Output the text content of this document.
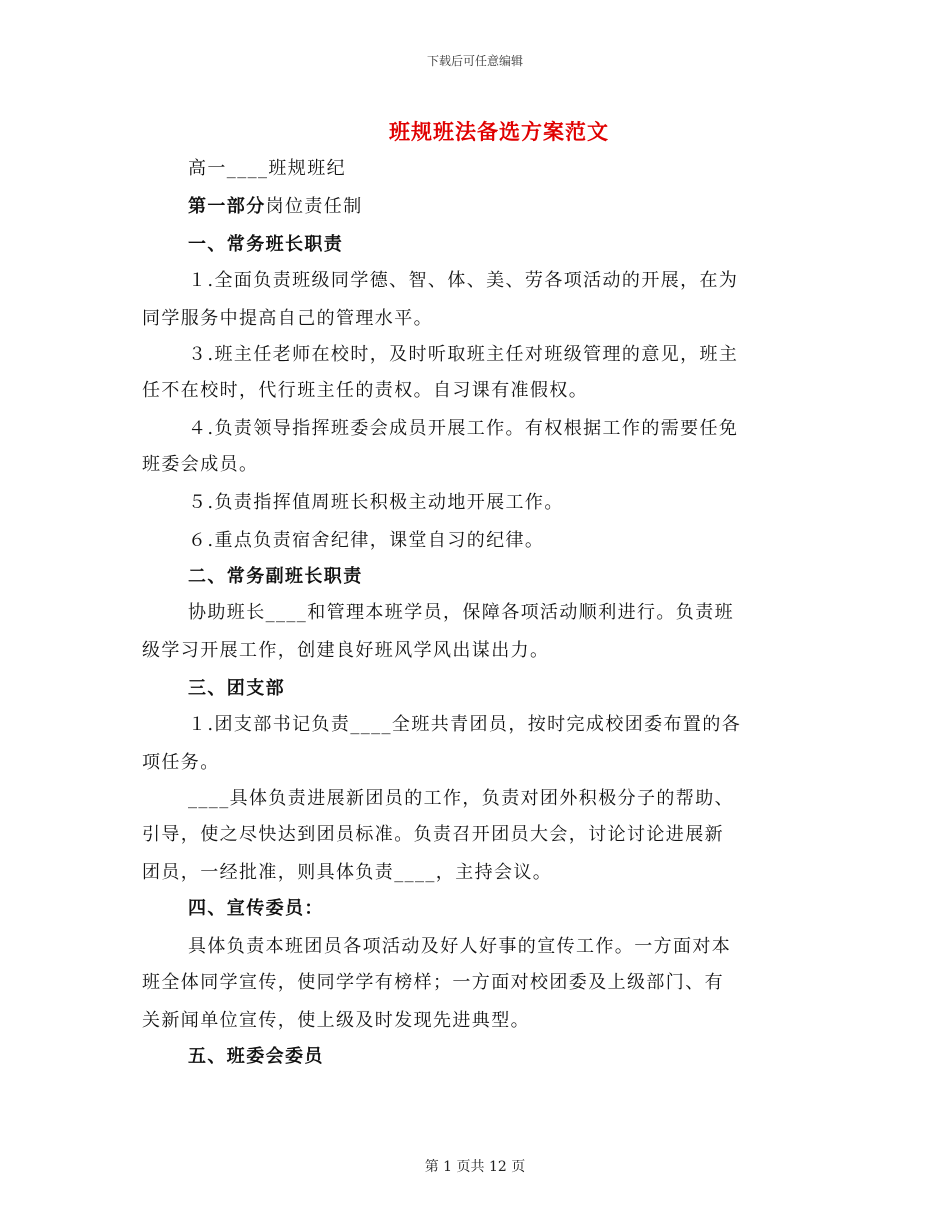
下载后可任意编辑
班规班法备选方案范文
高一____班规班纪
第一部分岗位责任制
一、常务班长职责
１.全面负责班级同学德、智、体、美、劳各项活动的开展，在为
同学服务中提高自己的管理水平。
３.班主任老师在校时，及时听取班主任对班级管理的意见，班主
任不在校时，代行班主任的责权。自习课有准假权。
４.负责领导指挥班委会成员开展工作。有权根据工作的需要任免
班委会成员。
５.负责指挥值周班长积极主动地开展工作。
６.重点负责宿舍纪律，课堂自习的纪律。
二、常务副班长职责
协助班长____和管理本班学员，保障各项活动顺利进行。负责班
级学习开展工作，创建良好班风学风出谋出力。
三、团支部
１.团支部书记负责____全班共青团员，按时完成校团委布置的各
项任务。
____具体负责进展新团员的工作，负责对团外积极分子的帮助、
引导，使之尽快达到团员标准。负责召开团员大会，讨论讨论进展新
团员，一经批准，则具体负责____，主持会议。
四、宣传委员：
具体负责本班团员各项活动及好人好事的宣传工作。一方面对本
班全体同学宣传，使同学学有榜样；一方面对校团委及上级部门、有
关新闻单位宣传，使上级及时发现先进典型。
五、班委会委员
第 1 页共 12 页
